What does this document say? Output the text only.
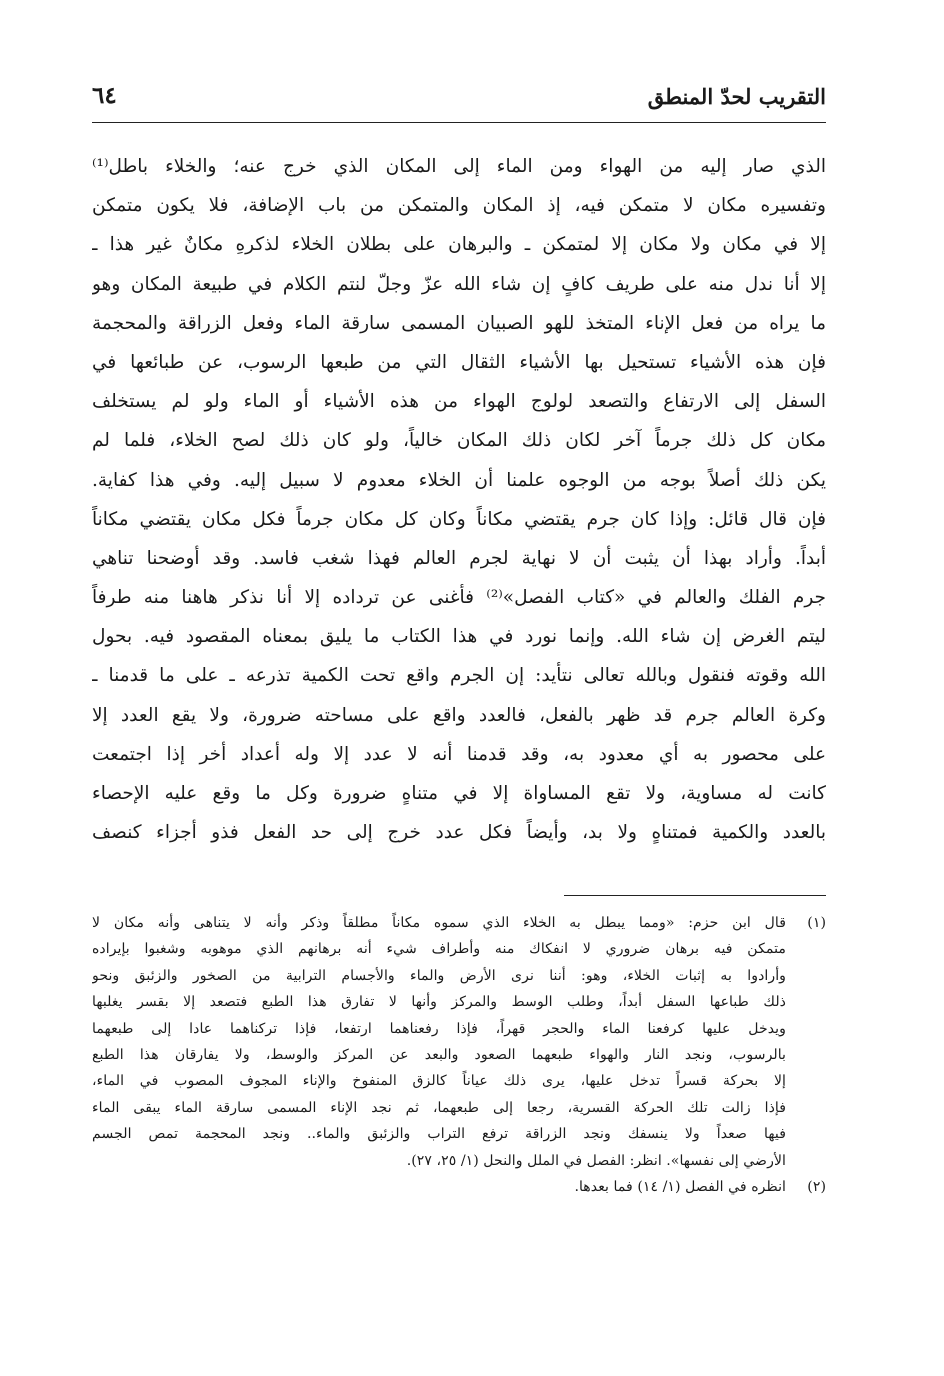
التقريب لحدّ المنطق
٦٤
الذي صار إليه من الهواء ومن الماء إلى المكان الذي خرج عنه؛ والخلاء باطل⁽¹⁾
وتفسيره مكان لا متمكن فيه، إذ المكان والمتمكن من باب الإضافة، فلا يكون متمكن
إلا في مكان ولا مكان إلا لمتمكن ـ والبرهان على بطلان الخلاء لذكرهِ مكانٌ غير هذا ـ
إلا أنا ندل منه على طريف كافٍ إن شاء الله عزّ وجلّ لنتم الكلام في طبيعة المكان وهو
ما يراه من فعل الإناء المتخذ للهو الصبيان المسمى سارقة الماء وفعل الزراقة والمحجمة
فإن هذه الأشياء تستحيل بها الأشياء الثقال التي من طبعها الرسوب، عن طبائعها في
السفل إلى الارتفاع والتصعد لولوج الهواء من هذه الأشياء أو الماء ولو لم يستخلف
مكان كل ذلك جرماً آخر لكان ذلك المكان خالياً، ولو كان ذلك لصح الخلاء، فلما لم
يكن ذلك أصلاً بوجه من الوجوه علمنا أن الخلاء معدوم لا سبيل إليه. وفي هذا كفاية.
فإن قال قائل: وإذا كان جرم يقتضي مكاناً وكان كل مكان جرماً فكل مكان يقتضي مكاناً
أبداً. وأراد بهذا أن يثبت أن لا نهاية لجرم العالم فهذا شغب فاسد. وقد أوضحنا تناهي
جرم الفلك والعالم في «كتاب الفصل»⁽²⁾ فأغنى عن ترداده إلا أنا نذكر هاهنا منه طرفاً
ليتم الغرض إن شاء الله. وإنما نورد في هذا الكتاب ما يليق بمعناه المقصود فيه. بحول
الله وقوته فنقول وبالله تعالى نتأيد: إن الجرم واقع تحت الكمية تذرعه ـ على ما قدمنا ـ
وكرة العالم جرم قد ظهر بالفعل، فالعدد واقع على مساحته ضرورة، ولا يقع العدد إلا
على محصور به أي معدود به، وقد قدمنا أنه لا عدد إلا وله أعداد أخر إذا اجتمعت
كانت له مساوية، ولا تقع المساواة إلا في متناهٍ ضرورة وكل ما وقع عليه الإحصاء
بالعدد والكمية فمتناهٍ ولا بد، وأيضاً فكل عدد خرج إلى حد الفعل فذو أجزاء كنصف
(١)
قال ابن حزم: «ومما يبطل به الخلاء الذي سموه مكاناً مطلقاً وذكر وأنه لا يتناهى وأنه مكان لا
متمكن فيه برهان ضروري لا انفكاك منه وأطراف شيء أنه برهانهم الذي موهوبه وشغبوا بإيراده
وأرادوا به إثبات الخلاء، وهو: أننا نرى الأرض والماء والأجسام الترابية من الصخور والزئبق ونحو
ذلك طباعها السفل أبداً، وطلب الوسط والمركز وأنها لا تفارق هذا الطبع فتصعد إلا بقسر يغلبها
ويدخل عليها كرفعنا الماء والحجر قهراً، فإذا رفعناهما ارتفعا، فإذا تركناهما عادا إلى طبعهما
بالرسوب، ونجد النار والهواء طبعهما الصعود والبعد عن المركز والوسط، ولا يفارقان هذا الطبع
إلا بحركة قسراً تدخل عليها، يرى ذلك عياناً كالزق المنفوخ والإناء المجوف المصوب في الماء،
فإذا زالت تلك الحركة القسرية، رجعا إلى طبعهما، ثم نجد الإناء المسمى سارقة الماء يبقى الماء
فيها صعداً ولا ينسفك ونجد الزراقة ترفع التراب والزئبق والماء.. ونجد المحجمة تمص الجسم
الأرضي إلى نفسها». انظر: الفصل في الملل والنحل (١/ ٢٥، ٢٧).
(٢)
انظره في الفصل (١/ ١٤) فما بعدها.
